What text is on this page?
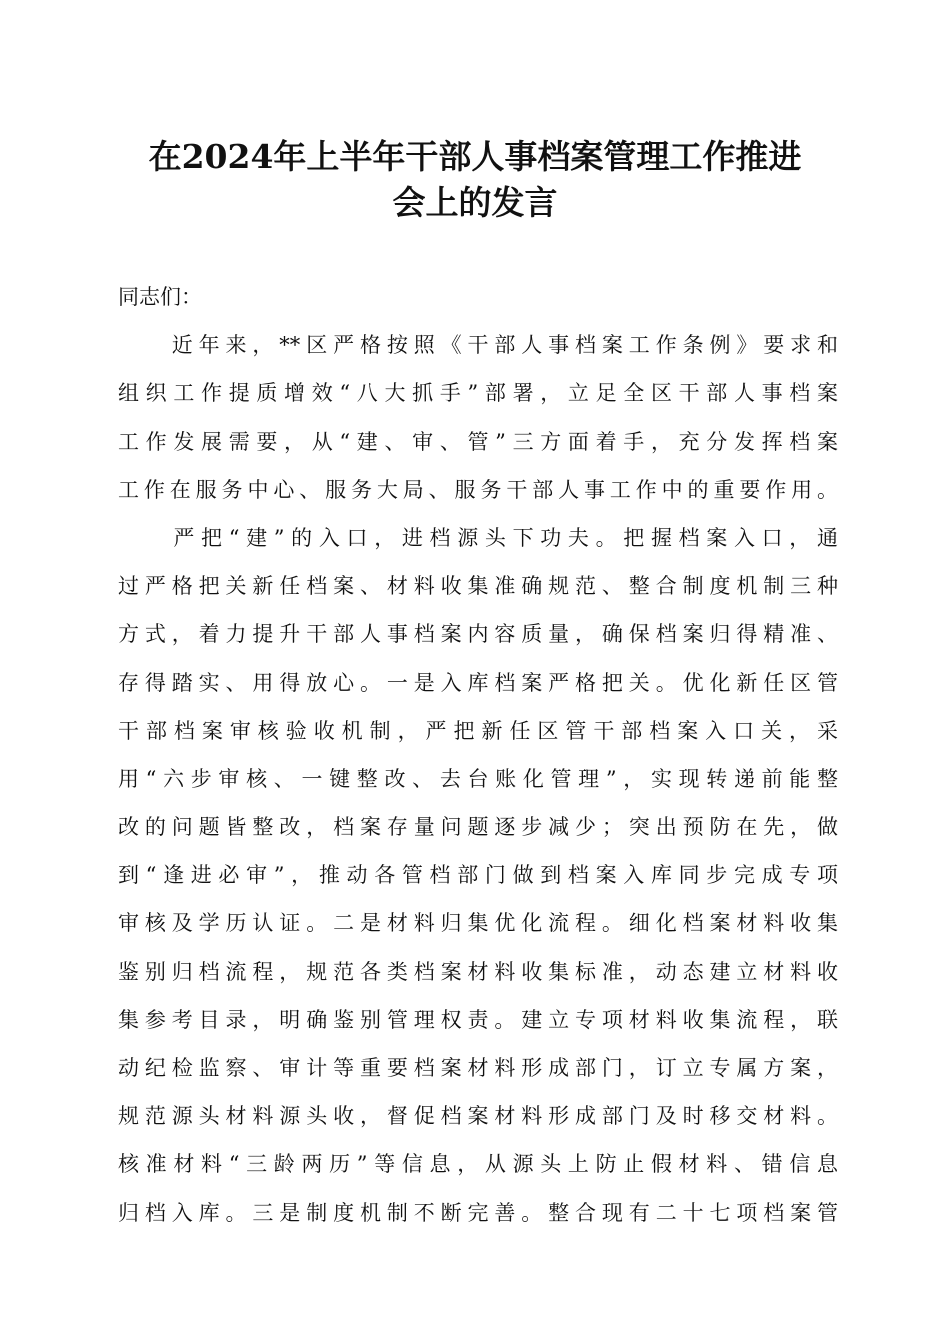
在2024年上半年干部人事档案管理工作推进
会上的发言
同志们：
　　近年来，**区严格按照《干部人事档案工作条例》要求和
组织工作提质增效“八大抓手”部署，立足全区干部人事档案
工作发展需要，从“建、审、管”三方面着手，充分发挥档案
工作在服务中心、服务大局、服务干部人事工作中的重要作用。
　　严把“建”的入口，进档源头下功夫。把握档案入口，通
过严格把关新任档案、材料收集准确规范、整合制度机制三种
方式，着力提升干部人事档案内容质量，确保档案归得精准、
存得踏实、用得放心。一是入库档案严格把关。优化新任区管
干部档案审核验收机制，严把新任区管干部档案入口关，采
用“六步审核、一键整改、去台账化管理”，实现转递前能整
改的问题皆整改，档案存量问题逐步减少；突出预防在先，做
到“逢进必审”，推动各管档部门做到档案入库同步完成专项
审核及学历认证。二是材料归集优化流程。细化档案材料收集
鉴别归档流程，规范各类档案材料收集标准，动态建立材料收
集参考目录，明确鉴别管理权责。建立专项材料收集流程，联
动纪检监察、审计等重要档案材料形成部门，订立专属方案，
规范源头材料源头收，督促档案材料形成部门及时移交材料。
核准材料“三龄两历”等信息，从源头上防止假材料、错信息
归档入库。三是制度机制不断完善。整合现有二十七项档案管
